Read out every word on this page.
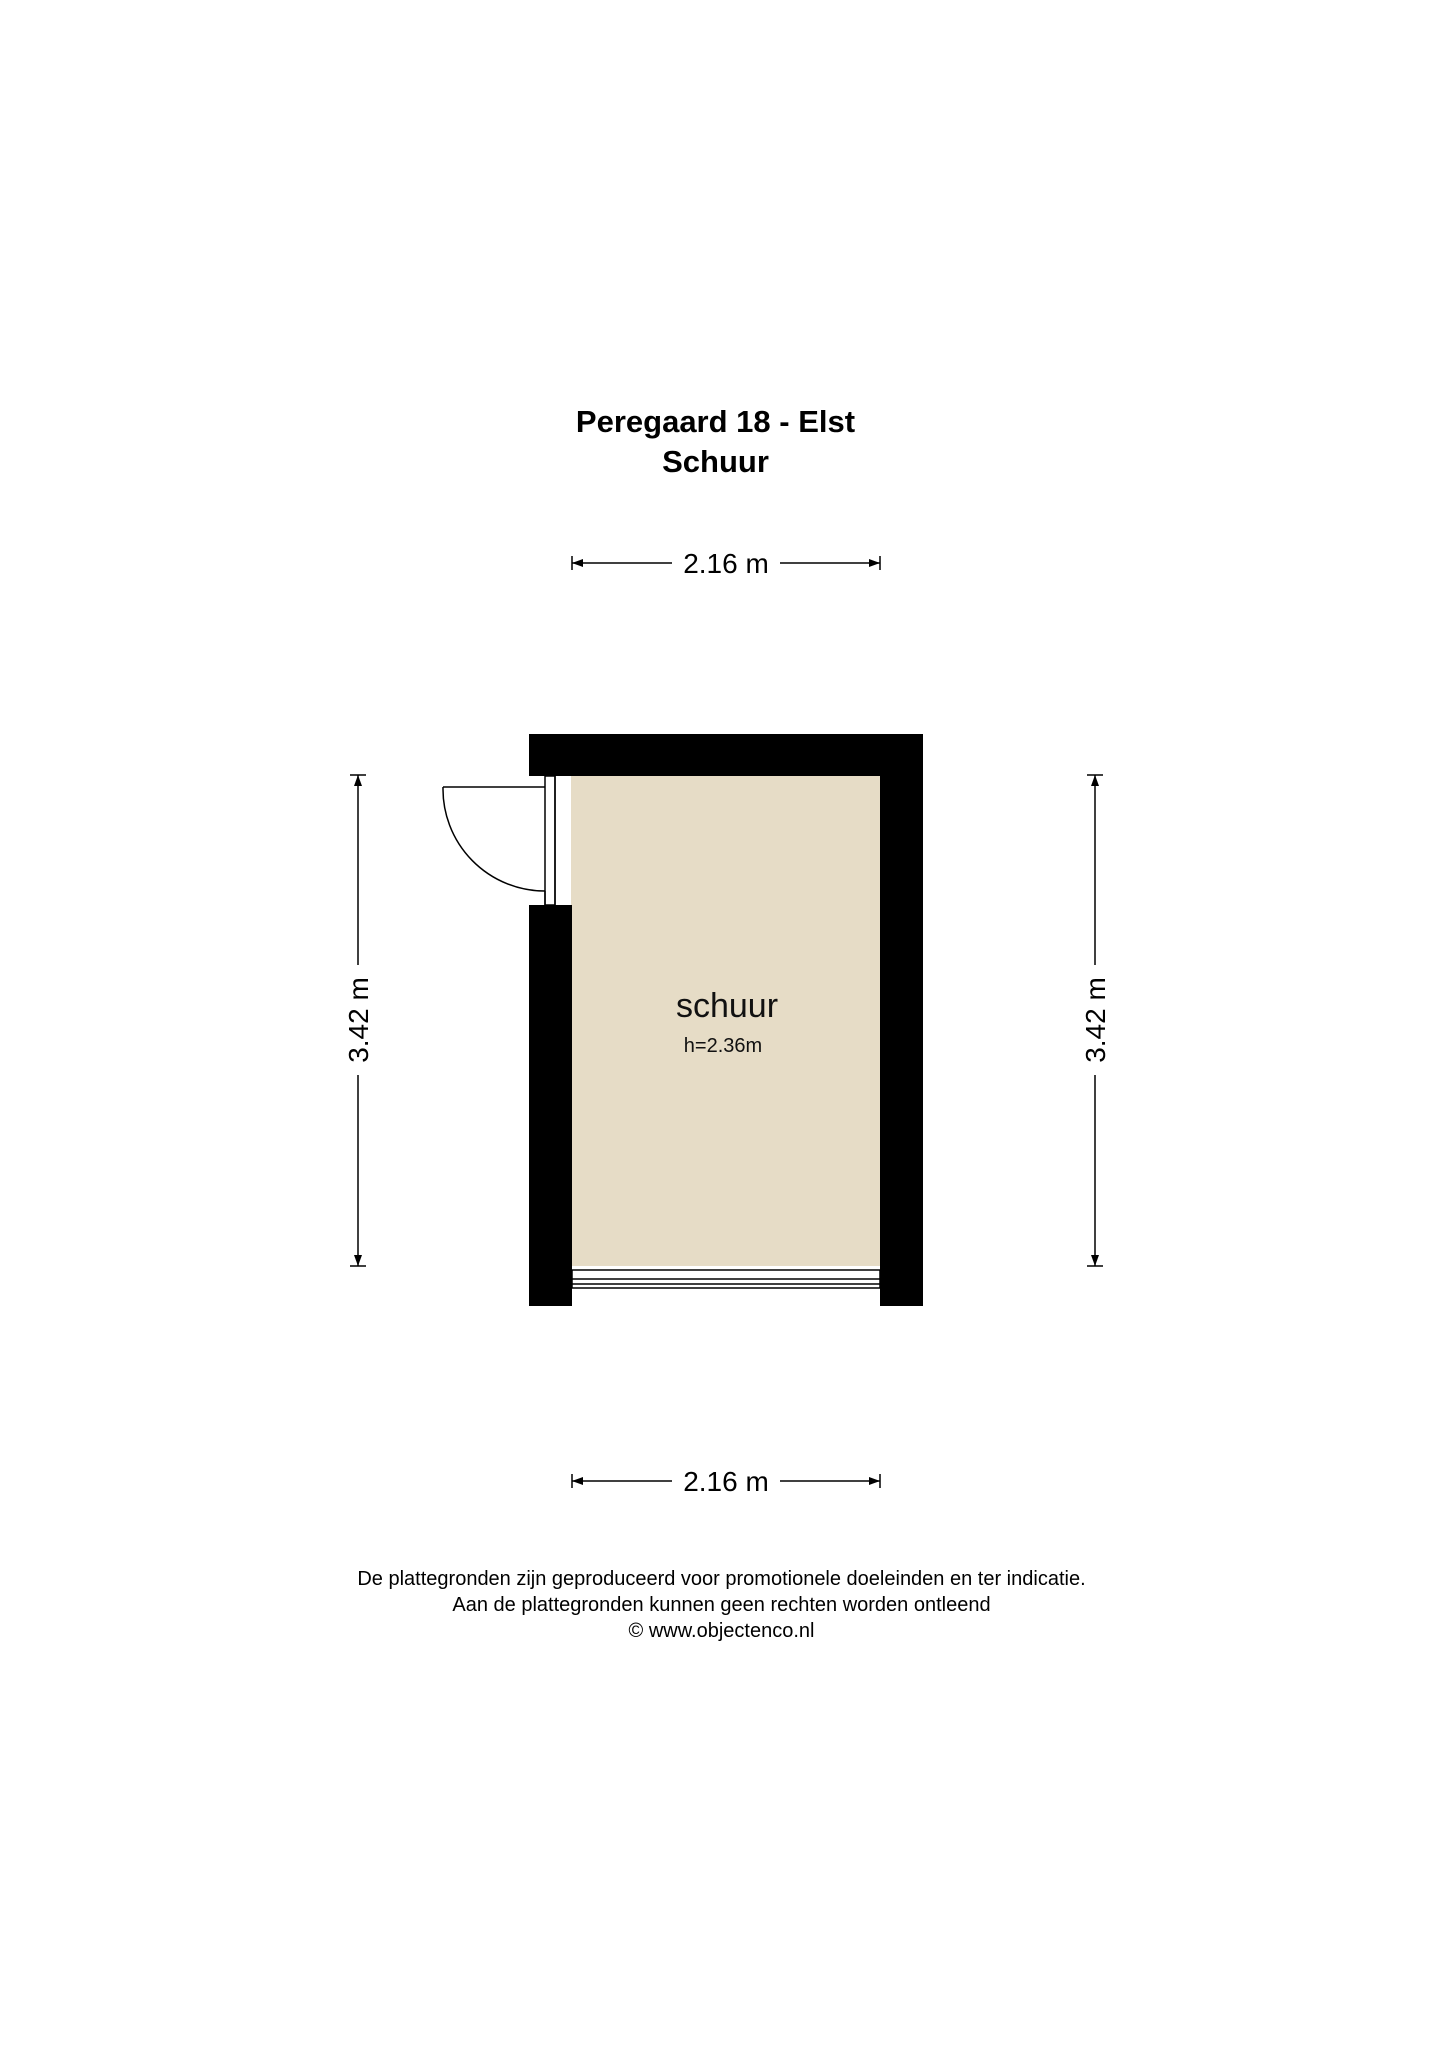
Peregaard 18 - Elst
Schuur
2.16 m
2.16 m
3.42 m	3.42 m
schuur
h=2.36m
De plattegronden zijn geproduceerd voor promotionele doeleinden en ter indicatie.
Aan de plattegronden kunnen geen rechten worden ontleend
© www.objectenco.nl
